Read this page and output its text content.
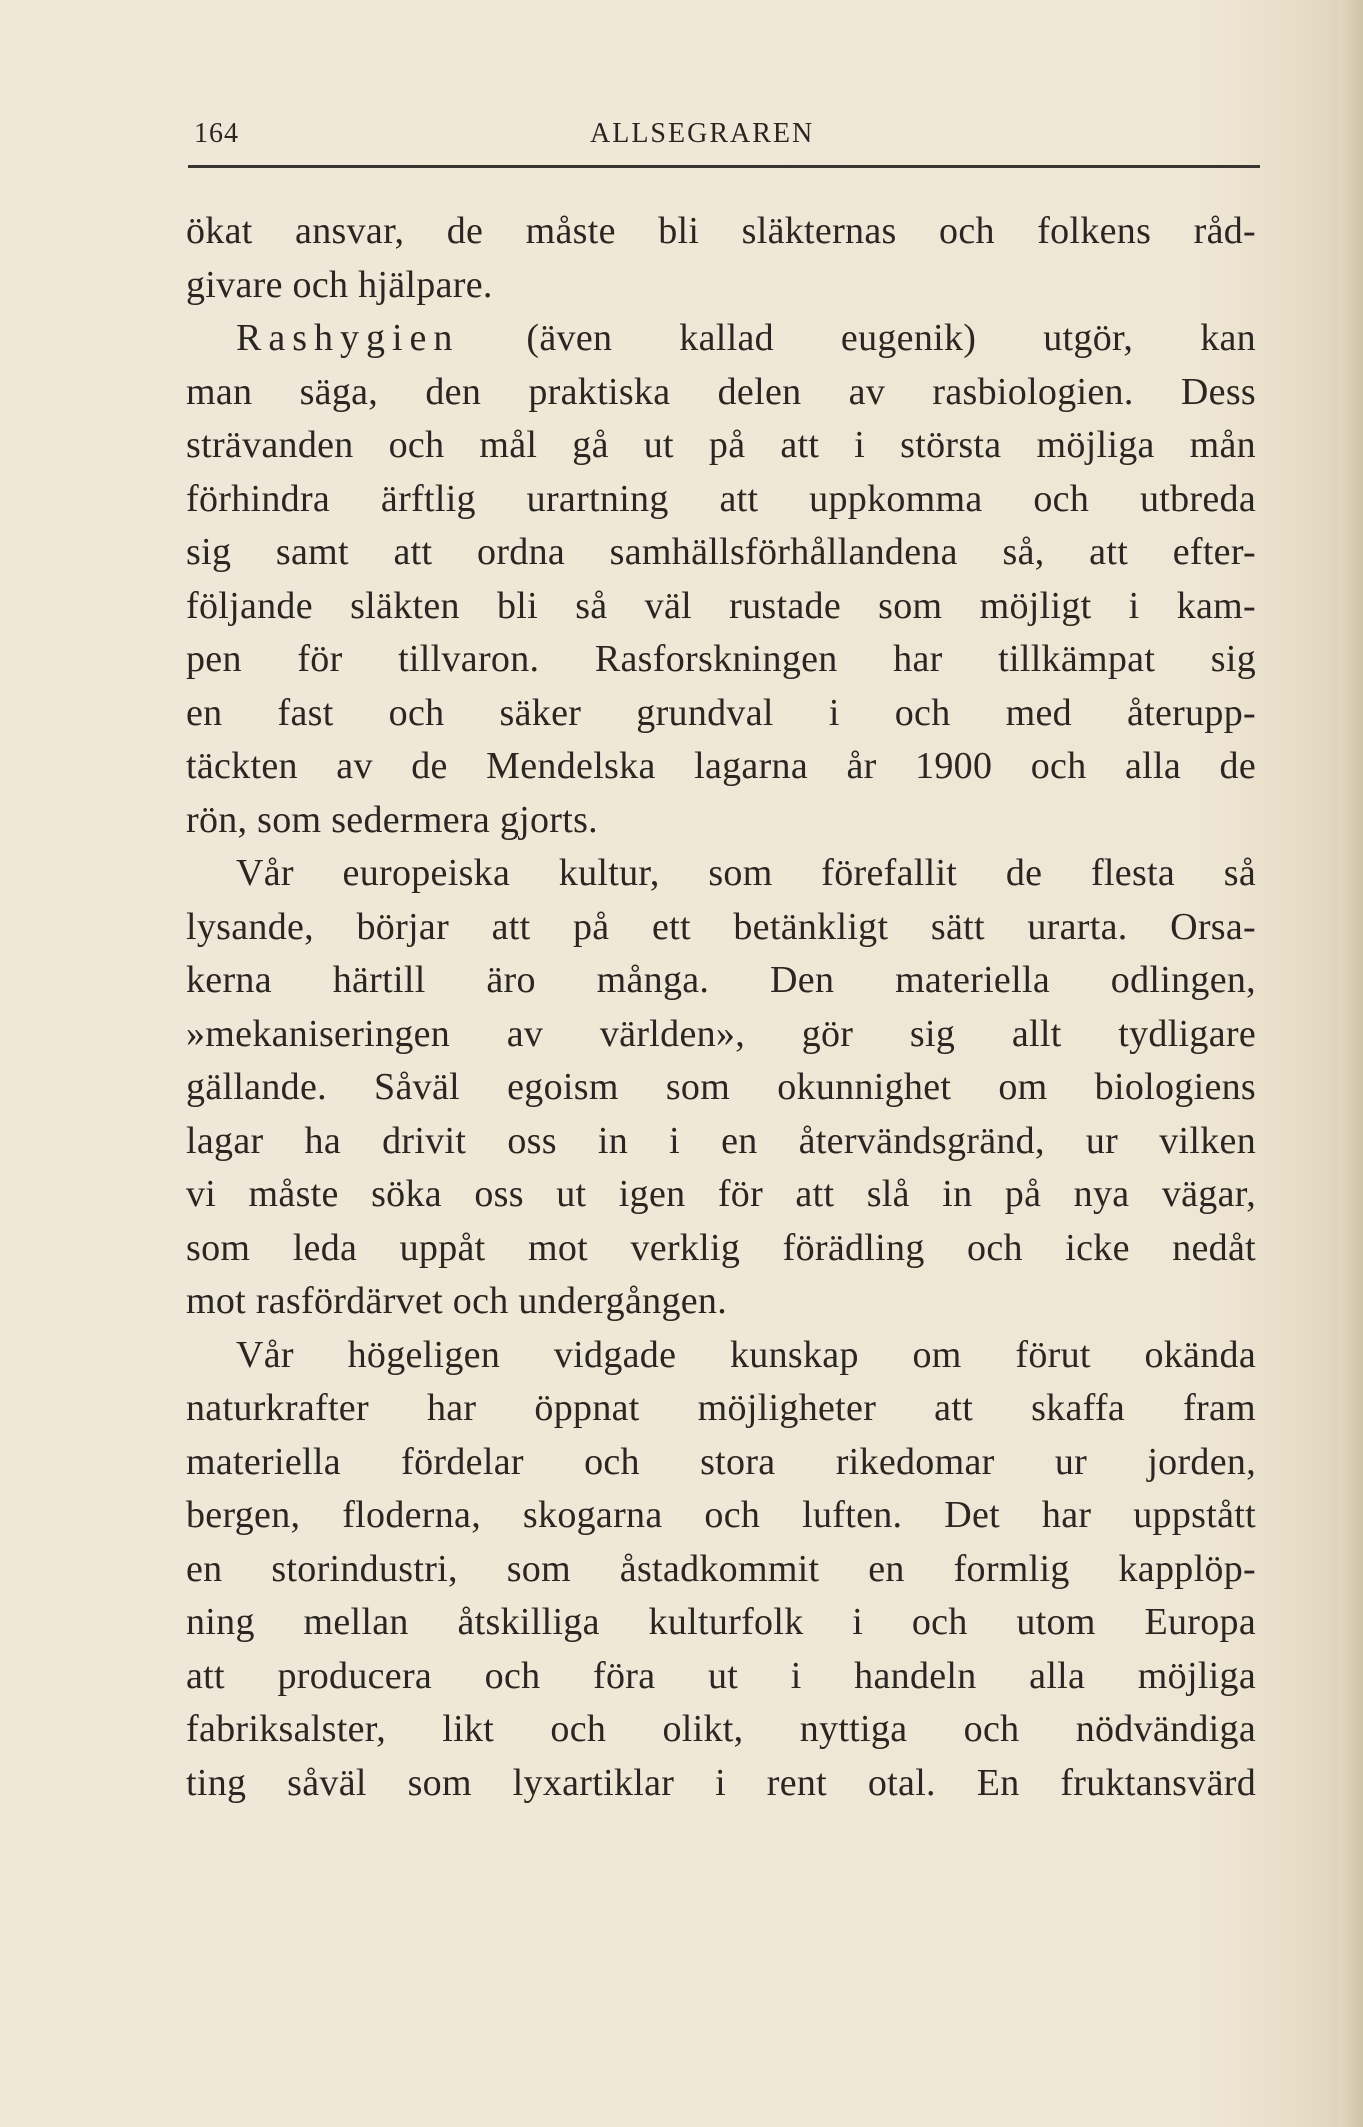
164	ALLSEGRAREN
ökat ansvar, de måste bli släkternas och folkens råd-
givare och hjälpare.
Rashygien (även kallad eugenik) utgör, kan
man säga, den praktiska delen av rasbiologien. Dess
strävanden och mål gå ut på att i största möjliga mån
förhindra ärftlig urartning att uppkomma och utbreda
sig samt att ordna samhällsförhållandena så, att efter-
följande släkten bli så väl rustade som möjligt i kam-
pen för tillvaron. Rasforskningen har tillkämpat sig
en fast och säker grundval i och med återupp-
täckten av de Mendelska lagarna år 1900 och alla de
rön, som sedermera gjorts.
Vår europeiska kultur, som förefallit de flesta så
lysande, börjar att på ett betänkligt sätt urarta. Orsa-
kerna härtill äro många. Den materiella odlingen,
»mekaniseringen av världen», gör sig allt tydligare
gällande. Såväl egoism som okunnighet om biologiens
lagar ha drivit oss in i en återvändsgränd, ur vilken
vi måste söka oss ut igen för att slå in på nya vägar,
som leda uppåt mot verklig förädling och icke nedåt
mot rasfördärvet och undergången.
Vår högeligen vidgade kunskap om förut okända
naturkrafter har öppnat möjligheter att skaffa fram
materiella fördelar och stora rikedomar ur jorden,
bergen, floderna, skogarna och luften. Det har uppstått
en storindustri, som åstadkommit en formlig kapplöp-
ning mellan åtskilliga kulturfolk i och utom Europa
att producera och föra ut i handeln alla möjliga
fabriksalster, likt och olikt, nyttiga och nödvändiga
ting såväl som lyxartiklar i rent otal. En fruktansvärd
